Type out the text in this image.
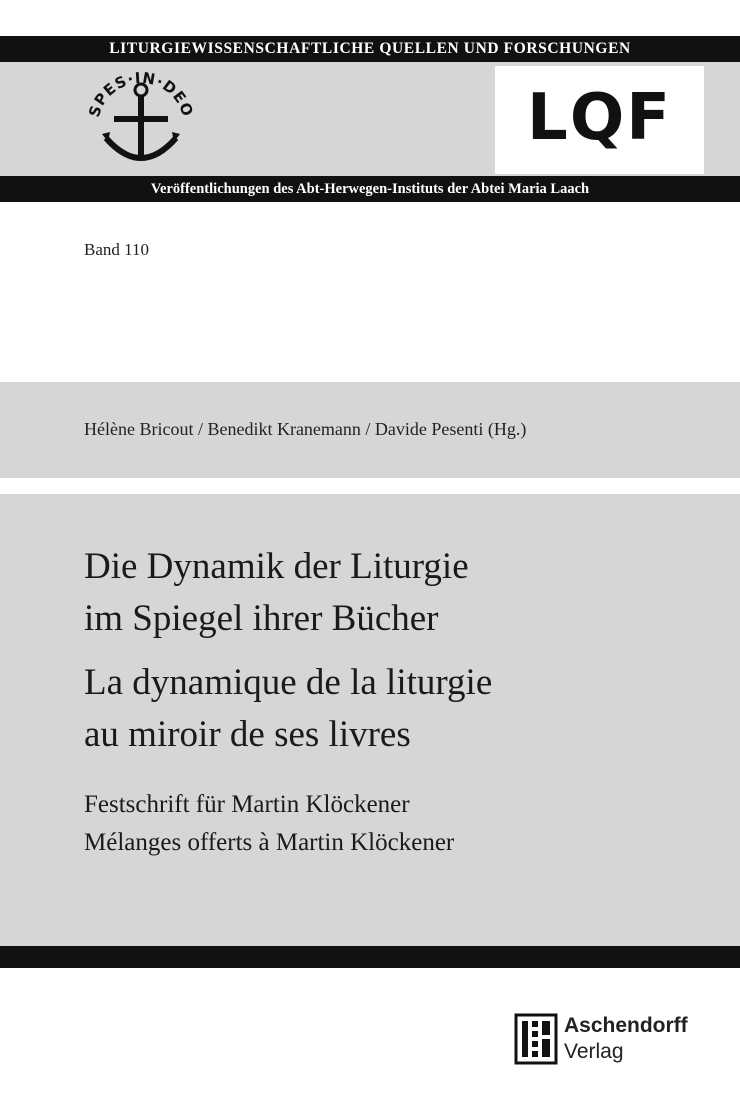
LITURGIEWISSENSCHAFTLICHE QUELLEN UND FORSCHUNGEN
SPES·IN·DEO	LQF
Veröffentlichungen des Abt-Herwegen-Instituts der Abtei Maria Laach
Band 110
Hélène Bricout / Benedikt Kranemann / Davide Pesenti (Hg.)
Die Dynamik der Liturgie
im Spiegel ihrer Bücher
La dynamique de la liturgie
au miroir de ses livres
Festschrift für Martin Klöckener
Mélanges offerts à Martin Klöckener
Aschendorff
Verlag
